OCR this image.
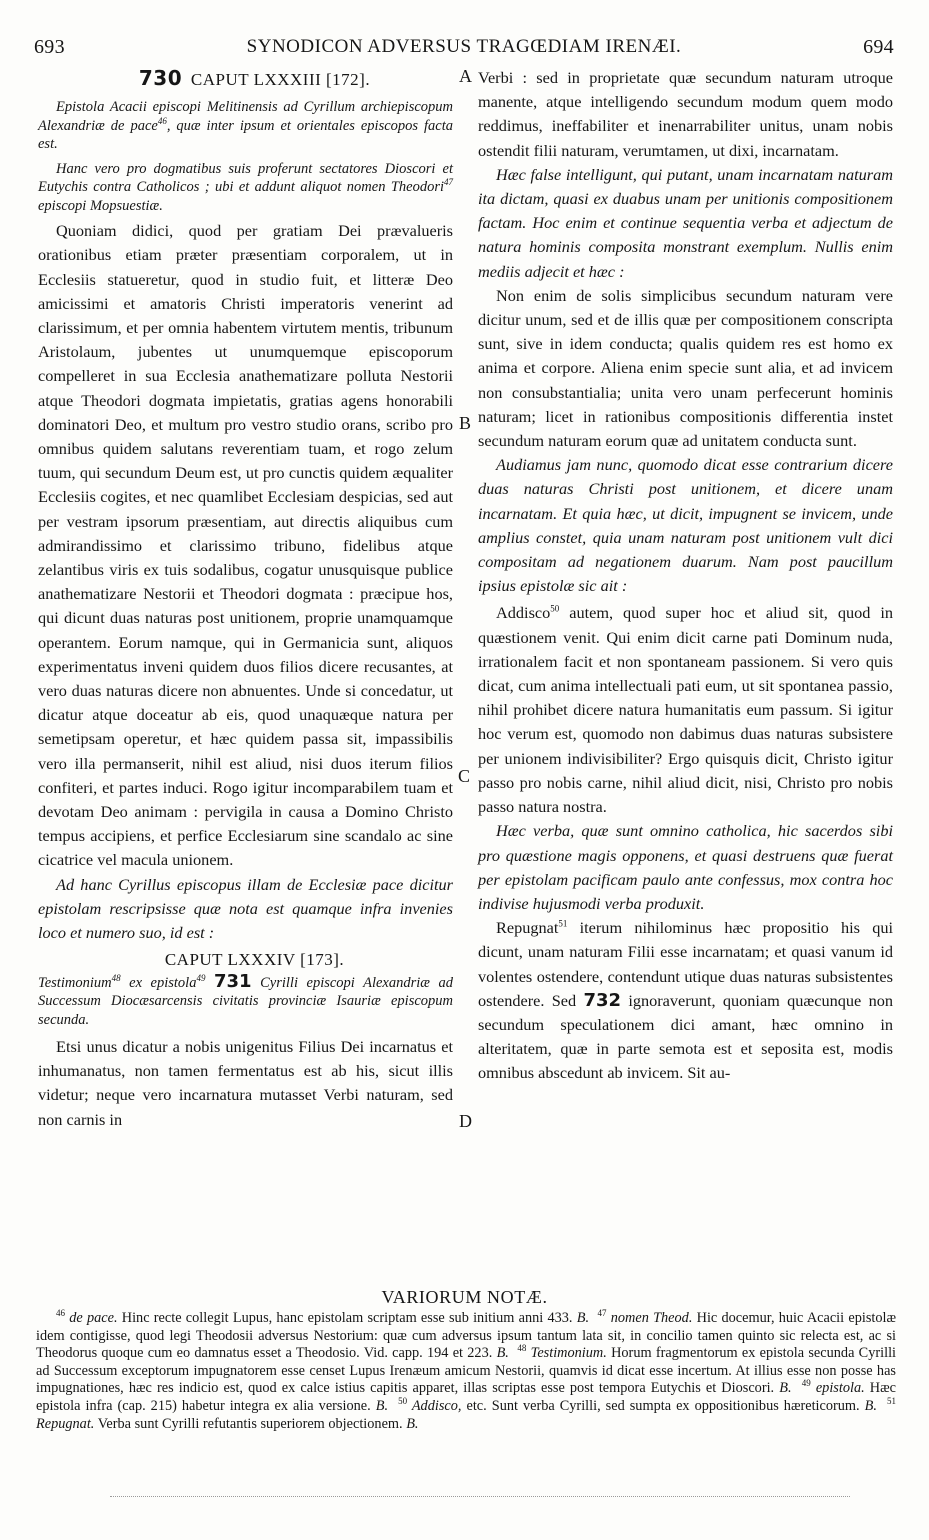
693	SYNODICON ADVERSUS TRAGŒDIAM IRENÆI.	694

730 CAPUT LXXXIII [172].

Epistola Acacii episcopi Melitinensis ad Cyrillum archiepiscopum Alexandriæ de pace$^{46}$, quæ inter ipsum et orientales episcopos facta est.

Hanc vero pro dogmatibus suis proferunt sectatores Dioscori et Eutychis contra Catholicos ; ubi et addunt aliquot nomen Theodori$^{47}$ episcopi Mopsuestiæ.

Quoniam didici, quod per gratiam Dei prævalueris orationibus etiam præter præsentiam corporalem, ut in Ecclesiis statueretur, quod in studio fuit, et litteræ Deo amicissimi et amatoris Christi imperatoris venerint ad clarissimum, et per omnia habentem virtutem mentis, tribunum Aristolaum, jubentes ut unumquemque episcoporum compelleret in sua Ecclesia anathematizare polluta Nestorii atque Theodori dogmata impietatis, gratias agens honorabili dominatori Deo, et multum pro vestro studio orans, scribo pro omnibus quidem salutans reverentiam tuam, et rogo zelum tuum, qui secundum Deum est, ut pro cunctis quidem æqualiter Ecclesiis cogites, et nec quamlibet Ecclesiam despicias, sed aut per vestram ipsorum præsentiam, aut directis aliquibus cum admirandissimo et clarissimo tribuno, fidelibus atque zelantibus viris ex tuis sodalibus, cogatur unusquisque publice anathematizare Nestorii et Theodori dogmata : præcipue hos, qui dicunt duas naturas post unitionem, proprie unamquamque operantem. Eorum namque, qui in Germanicia sunt, aliquos experimentatus inveni quidem duos filios dicere recusantes, at vero duas naturas dicere non abnuentes. Unde si concedatur, ut dicatur atque doceatur ab eis, quod unaquæque natura per semetipsam operetur, et hæc quidem passa sit, impassibilis vero illa permanserit, nihil est aliud, nisi duos iterum filios confiteri, et partes induci. Rogo igitur incomparabilem tuam et devotam Deo animam : pervigila in causa a Domino Christo tempus accipiens, et perfice Ecclesiarum sine scandalo ac sine cicatrice vel macula unionem.

Ad hanc Cyrillus episcopus illam de Ecclesiæ pace dicitur epistolam rescripsisse quæ nota est quamque infra invenies loco et numero suo, id est :

CAPUT LXXXIV [173].

Testimonium$^{48}$ ex epistola$^{49}$ 731 Cyrilli episcopi Alexandriæ ad Successum Diocæsarcensis civitatis provinciæ Isauriæ episcopum secunda.

Etsi unus dicatur a nobis unigenitus Filius Dei incarnatus et inhumanatus, non tamen fermentatus est ab his, sicut illis videtur; neque vero incarnatura mutasset Verbi naturam, sed non carnis in

A
B
C
D

Verbi : sed in proprietate quæ secundum naturam utroque manente, atque intelligendo secundum modum quem modo reddimus, ineffabiliter et inenarrabiliter unitus, unam nobis ostendit filii naturam, verumtamen, ut dixi, incarnatam.

Hæc false intelligunt, qui putant, unam incarnatam naturam ita dictam, quasi ex duabus unam per unitionis compositionem factam. Hoc enim et continue sequentia verba et adjectum de natura hominis composita monstrant exemplum. Nullis enim mediis adjecit et hæc :

Non enim de solis simplicibus secundum naturam vere dicitur unum, sed et de illis quæ per compositionem conscripta sunt, sive in idem conducta; qualis quidem res est homo ex anima et corpore. Aliena enim specie sunt alia, et ad invicem non consubstantialia; unita vero unam perfecerunt hominis naturam; licet in rationibus compositionis differentia instet secundum naturam eorum quæ ad unitatem conducta sunt.

Audiamus jam nunc, quomodo dicat esse contrarium dicere duas naturas Christi post unitionem, et dicere unam incarnatam. Et quia hæc, ut dicit, impugnent se invicem, unde amplius constet, quia unam naturam post unitionem vult dici compositam ad negationem duarum. Nam post paucillum ipsius epistolæ sic ait :

Addisco$^{50}$ autem, quod super hoc et aliud sit, quod in quæstionem venit. Qui enim dicit carne pati Dominum nuda, irrationalem facit et non spontaneam passionem. Si vero quis dicat, cum anima intellectuali pati eum, ut sit spontanea passio, nihil prohibet dicere natura humanitatis eum passum. Si igitur hoc verum est, quomodo non dabimus duas naturas subsistere per unionem indivisibiliter? Ergo quisquis dicit, Christo igitur passo pro nobis carne, nihil aliud dicit, nisi, Christo pro nobis passo natura nostra.

Hæc verba, quæ sunt omnino catholica, hic sacerdos sibi pro quæstione magis opponens, et quasi destruens quæ fuerat per epistolam pacificam paulo ante confessus, mox contra hoc indivise hujusmodi verba produxit.

Repugnat$^{51}$ iterum nihilominus hæc propositio his qui dicunt, unam naturam Filii esse incarnatam; et quasi vanum id volentes ostendere, contendunt utique duas naturas subsistentes ostendere. Sed 732 ignoraverunt, quoniam quæcunque non secundum speculationem dici amant, hæc omnino in alteritatem, quæ in parte semota est et seposita est, modis omnibus abscedunt ab invicem. Sit au-

VARIORUM NOTÆ.

$^{46}$ de pace. Hinc recte collegit Lupus, hanc epistolam scriptam esse sub initium anni 433. B. $^{47}$ nomen Theod. Hic docemur, huic Acacii epistolæ idem contigisse, quod legi Theodosii adversus Nestorium: quæ cum adversus ipsum tantum lata sit, in concilio tamen quinto sic relecta est, ac si Theodorus quoque cum eo damnatus esset a Theodosio. Vid. capp. 194 et 223. B. $^{48}$ Testimonium. Horum fragmentorum ex epistola secunda Cyrilli ad Successum exceptorum impugnatorem esse censet Lupus Irenæum amicum Nestorii, quamvis id dicat esse incertum. At illius esse non posse has impugnationes, hæc res indicio est, quod ex calce istius capitis apparet, illas scriptas esse post tempora Eutychis et Dioscori. B. $^{49}$ epistola. Hæc epistola infra (cap. 215) habetur integra ex alia versione. B. $^{50}$ Addisco, etc. Sunt verba Cyrilli, sed sumpta ex oppositionibus hæreticorum. B. $^{51}$ Repugnat. Verba sunt Cyrilli refutantis superiorem objectionem. B.
